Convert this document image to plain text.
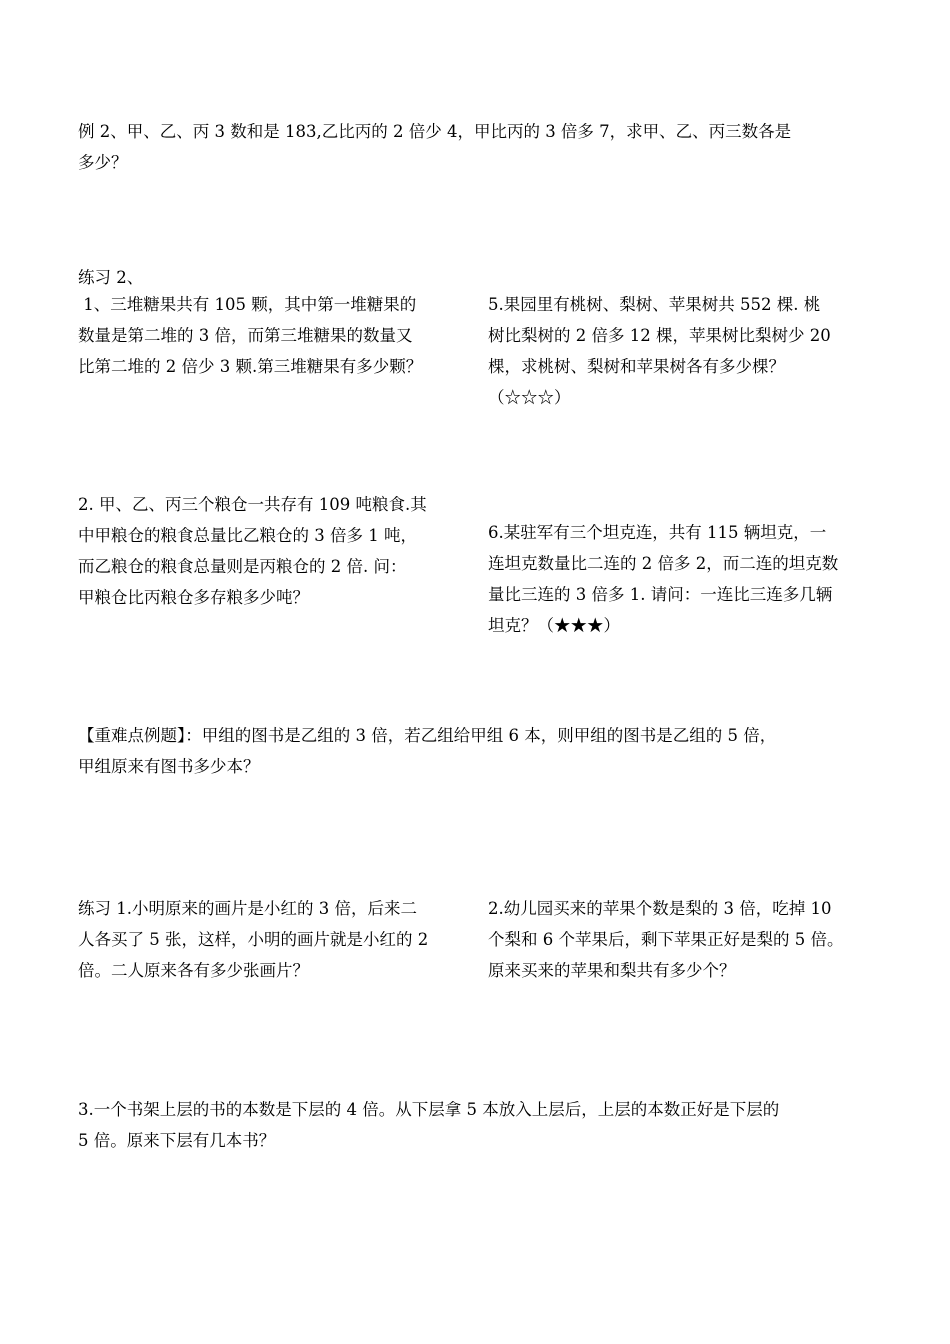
例 2、甲、乙、丙 3 数和是 183,乙比丙的 2 倍少 4，甲比丙的 3 倍多 7，求甲、乙、丙三数各是
多少？
练习 2、
1、三堆糖果共有 105 颗，其中第一堆糖果的
数量是第二堆的 3 倍，而第三堆糖果的数量又
比第二堆的 2 倍少 3 颗.第三堆糖果有多少颗？
5.果园里有桃树、梨树、苹果树共 552 棵. 桃
树比梨树的 2 倍多 12 棵，苹果树比梨树少 20
棵，求桃树、梨树和苹果树各有多少棵？
（☆☆☆）
2. 甲、乙、丙三个粮仓一共存有 109 吨粮食.其
中甲粮仓的粮食总量比乙粮仓的 3 倍多 1 吨，
而乙粮仓的粮食总量则是丙粮仓的 2 倍. 问：
甲粮仓比丙粮仓多存粮多少吨？
6.某驻军有三个坦克连，共有 115 辆坦克，一
连坦克数量比二连的 2 倍多 2，而二连的坦克数
量比三连的 3 倍多 1. 请问：一连比三连多几辆
坦克？（★★★）
【重难点例题】：甲组的图书是乙组的 3 倍，若乙组给甲组 6 本，则甲组的图书是乙组的 5 倍，
甲组原来有图书多少本？
练习 1.小明原来的画片是小红的 3 倍，后来二
人各买了 5 张，这样，小明的画片就是小红的 2
倍。二人原来各有多少张画片？
2.幼儿园买来的苹果个数是梨的 3 倍，吃掉 10
个梨和 6 个苹果后，剩下苹果正好是梨的 5 倍。
原来买来的苹果和梨共有多少个？
3.一个书架上层的书的本数是下层的 4 倍。从下层拿 5 本放入上层后，上层的本数正好是下层的
5 倍。原来下层有几本书？
